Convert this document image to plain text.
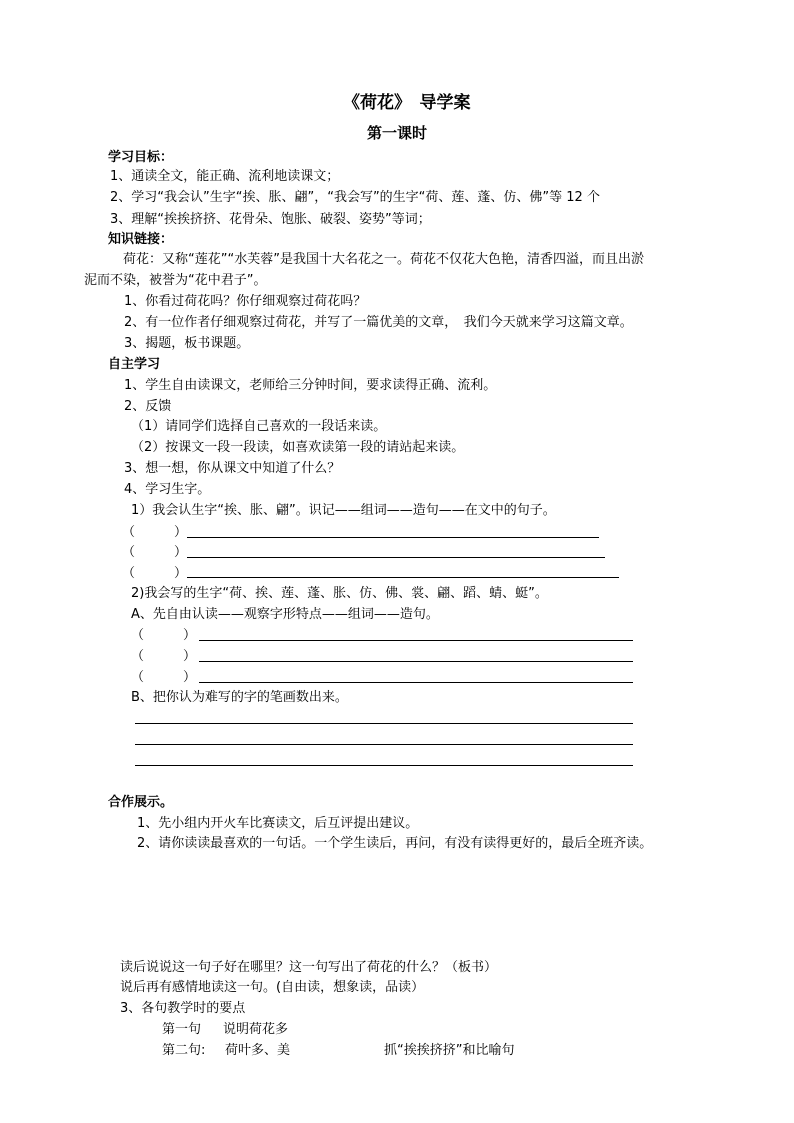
《荷花》　导学案
第一课时
学习目标：
1、通读全文，能正确、流利地读课文；
2、学习“我会认”生字“挨、胀、翩”，“我会写”的生字“荷、莲、蓬、仿、佛”等 12 个
3、理解“挨挨挤挤、花骨朵、饱胀、破裂、姿势”等词；
知识链接：
荷花：又称“莲花”“水芙蓉”是我国十大名花之一。荷花不仅花大色艳，清香四溢，而且出淤
泥而不染，被誉为“花中君子”。
1、你看过荷花吗？你仔细观察过荷花吗？
2、有一位作者仔细观察过荷花，并写了一篇优美的文章，　我们今天就来学习这篇文章。
3、揭题，板书课题。
自主学习
1、学生自由读课文，老师给三分钟时间，要求读得正确、流利。
2、反馈
（1）请同学们选择自己喜欢的一段话来读。
（2）按课文一段一段读，如喜欢读第一段的请站起来读。
3、想一想，你从课文中知道了什么？
4、学习生字。
1）我会认生字“挨、胀、翩”。识记——组词——造句——在文中的句子。
（　　　）
（　　　）
（　　　）
2)我会写的生字“荷、挨、莲、蓬、胀、仿、佛、裳、翩、蹈、蜻、蜓”。
A、先自由认读——观察字形特点——组词——造句。
（　　　）
（　　　）
（　　　）
B、把你认为难写的字的笔画数出来。
合作展示。
1、先小组内开火车比赛读文，后互评提出建议。
2、请你读读最喜欢的一句话。一个学生读后，再问，有没有读得更好的，最后全班齐读。
读后说说这一句子好在哪里？这一句写出了荷花的什么？（板书）
说后再有感情地读这一句。(自由读，想象读，品读）
3、各句教学时的要点
第一句 说明荷花多
第二句: 荷叶多、美	抓“挨挨挤挤”和比喻句
